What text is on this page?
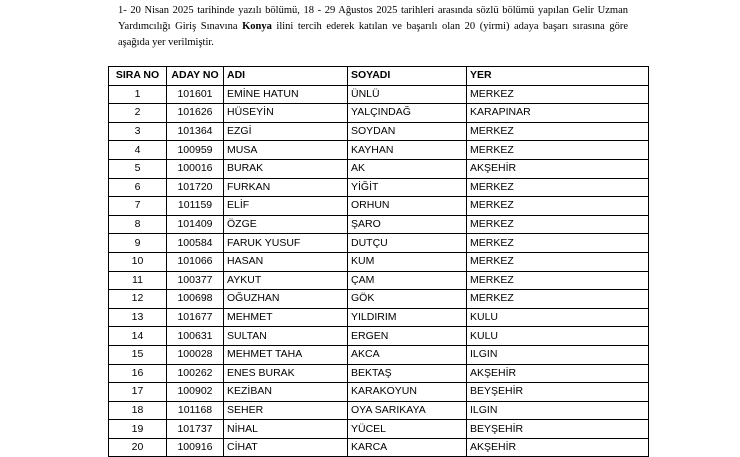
1- 20 Nisan 2025 tarihinde yazılı bölümü, 18 - 29 Ağustos 2025 tarihleri arasında sözlü bölümü yapılan Gelir Uzman Yardımcılığı Giriş Sınavına Konya ilini tercih ederek katılan ve başarılı olan 20 (yirmi) adaya başarı sırasına göre aşağıda yer verilmiştir.
SIRA NO	ADAY NO	ADI	SOYADI	YER
1	101601	EMİNE HATUN	ÜNLÜ	MERKEZ
2	101626	HÜSEYİN	YALÇINDAĞ	KARAPINAR
3	101364	EZGİ	SOYDAN	MERKEZ
4	100959	MUSA	KAYHAN	MERKEZ
5	100016	BURAK	AK	AKŞEHİR
6	101720	FURKAN	YİĞİT	MERKEZ
7	101159	ELİF	ORHUN	MERKEZ
8	101409	ÖZGE	ŞARO	MERKEZ
9	100584	FARUK YUSUF	DUTÇU	MERKEZ
10	101066	HASAN	KUM	MERKEZ
11	100377	AYKUT	ÇAM	MERKEZ
12	100698	OĞUZHAN	GÖK	MERKEZ
13	101677	MEHMET	YILDIRIM	KULU
14	100631	SULTAN	ERGEN	KULU
15	100028	MEHMET TAHA	AKCA	ILGIN
16	100262	ENES BURAK	BEKTAŞ	AKŞEHİR
17	100902	KEZİBAN	KARAKOYUN	BEYŞEHİR
18	101168	SEHER	OYA SARIKAYA	ILGIN
19	101737	NİHAL	YÜCEL	BEYŞEHİR
20	100916	CİHAT	KARCA	AKŞEHİR
